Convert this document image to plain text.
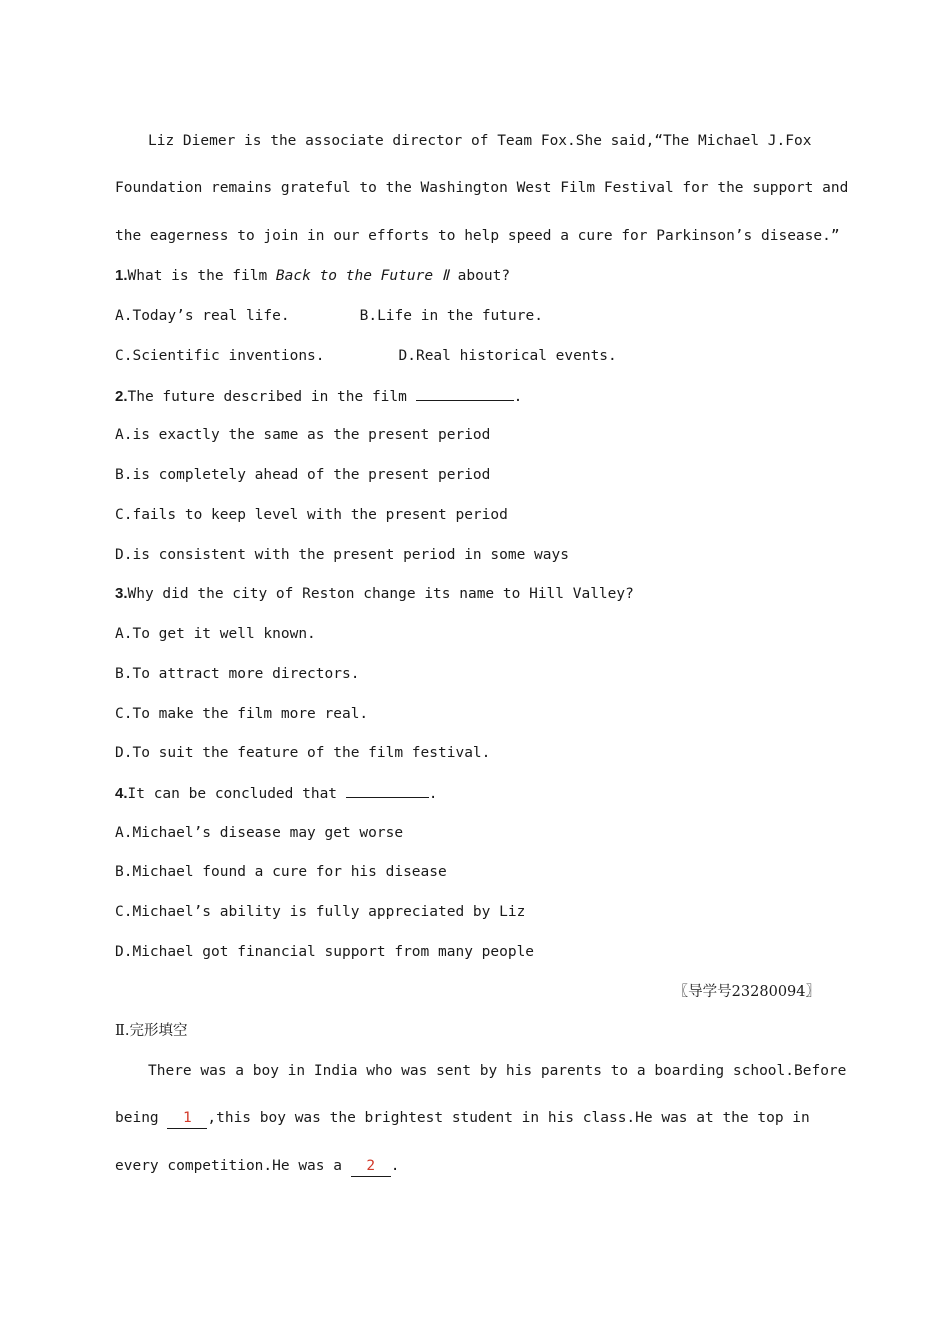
Liz Diemer is the associate director of Team Fox.She said,“The Michael J.Fox
Foundation remains grateful to the Washington West Film Festival for the support and
the eagerness to join in our efforts to help speed a cure for Parkinson’s disease.”
1.What is the film Back to the Future Ⅱ about?
A.Today’s real life.	B.Life in the future.
C.Scientific inventions.	D.Real historical events.
2.The future described in the film	.
A.is exactly the same as the present period
B.is completely ahead of the present period
C.fails to keep level with the present period
D.is consistent with the present period in some ways
3.Why did the city of Reston change its name to Hill Valley?
A.To get it well known.
B.To attract more directors.
C.To make the film more real.
D.To suit the feature of the film festival.
4.It can be concluded that	.
A.Michael’s disease may get worse
B.Michael found a cure for his disease
C.Michael’s ability is fully appreciated by Liz
D.Michael got financial support from many people
〖导学号23280094〗
Ⅱ.完形填空
There was a boy in India who was sent by his parents to a boarding school.Before
being 1 ,this boy was the brightest student in his class.He was at the top in
every competition.He was a 2 .
